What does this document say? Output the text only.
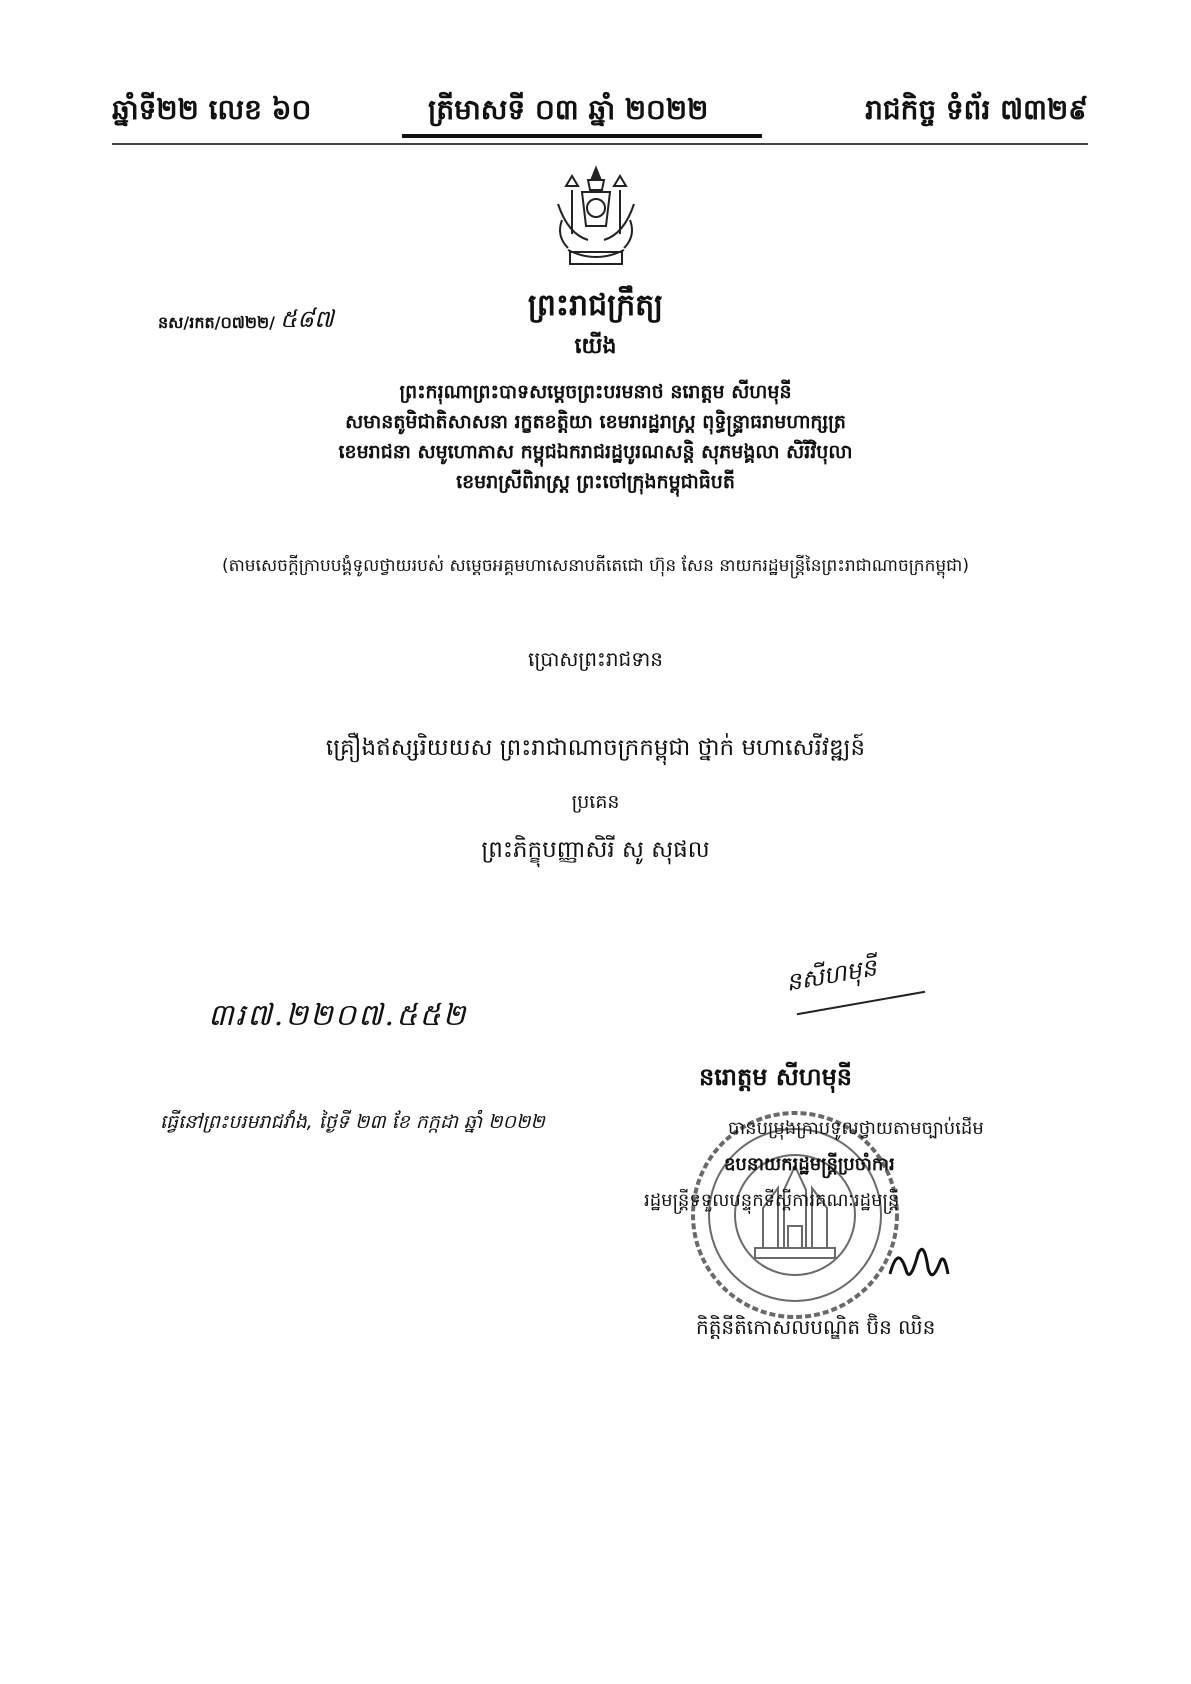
ឆ្នាំទី២២ លេខ ៦០	ត្រីមាសទី ០៣ ឆ្នាំ ២០២២	រាជកិច្ច ទំព័រ ៧៣២៩
នស/រកត/០៧២២/ ៥៨៧	ព្រះរាជក្រឹត្យ
យើង
ព្រះករុណាព្រះបាទសម្តេចព្រះបរមនាថ នរោត្តម សីហមុនី
សមានតូមិជាតិសាសនា រក្ខតខត្តិយា ខេមរារដ្ឋរាស្ត្រ ពុទ្ធិន្ទ្រាធរាមហាក្សត្រ
ខេមរាជនា សមូហោភាស កម្ពុជឯករាជរដ្ឋបូរណសន្តិ សុភមង្គលា សិរីវិបុលា
ខេមរាស្រីពិរាស្ត្រ ព្រះចៅក្រុងកម្ពុជាធិបតី
(តាមសេចក្តីក្រាបបង្គំទូលថ្វាយរបស់ សម្តេចអគ្គមហាសេនាបតីតេជោ ហ៊ុន សែន នាយករដ្ឋមន្ត្រីនៃព្រះរាជាណាចក្រកម្ពុជា)
ប្រោសព្រះរាជទាន
គ្រឿងឥស្សរិយយស ព្រះរាជាណាចក្រកម្ពុជា ថ្នាក់ មហាសេរីវឌ្ឍន៍
ប្រគេន
ព្រះភិក្ខុបញ្ញាសិរី សូ សុផល
៣រ៧.២២០៧.៥៥២
ធ្វើនៅព្រះបរមរាជវាំង, ថ្ងៃទី ២៣ ខែ កក្កដា ឆ្នាំ ២០២២
នសីហមុនី
នរោត្តម សីហមុនី
បានបម្រុងក្រាបទូលថ្វាយតាមច្បាប់ដើម
ឧបនាយករដ្ឋមន្ត្រីប្រចាំការ
រដ្ឋមន្ត្រីទទួលបន្ទុកទីស្តីការគណៈរដ្ឋមន្ត្រី
កិត្តិនីតិកោសលបណ្ឌិត ប៊ិន ឈិន
